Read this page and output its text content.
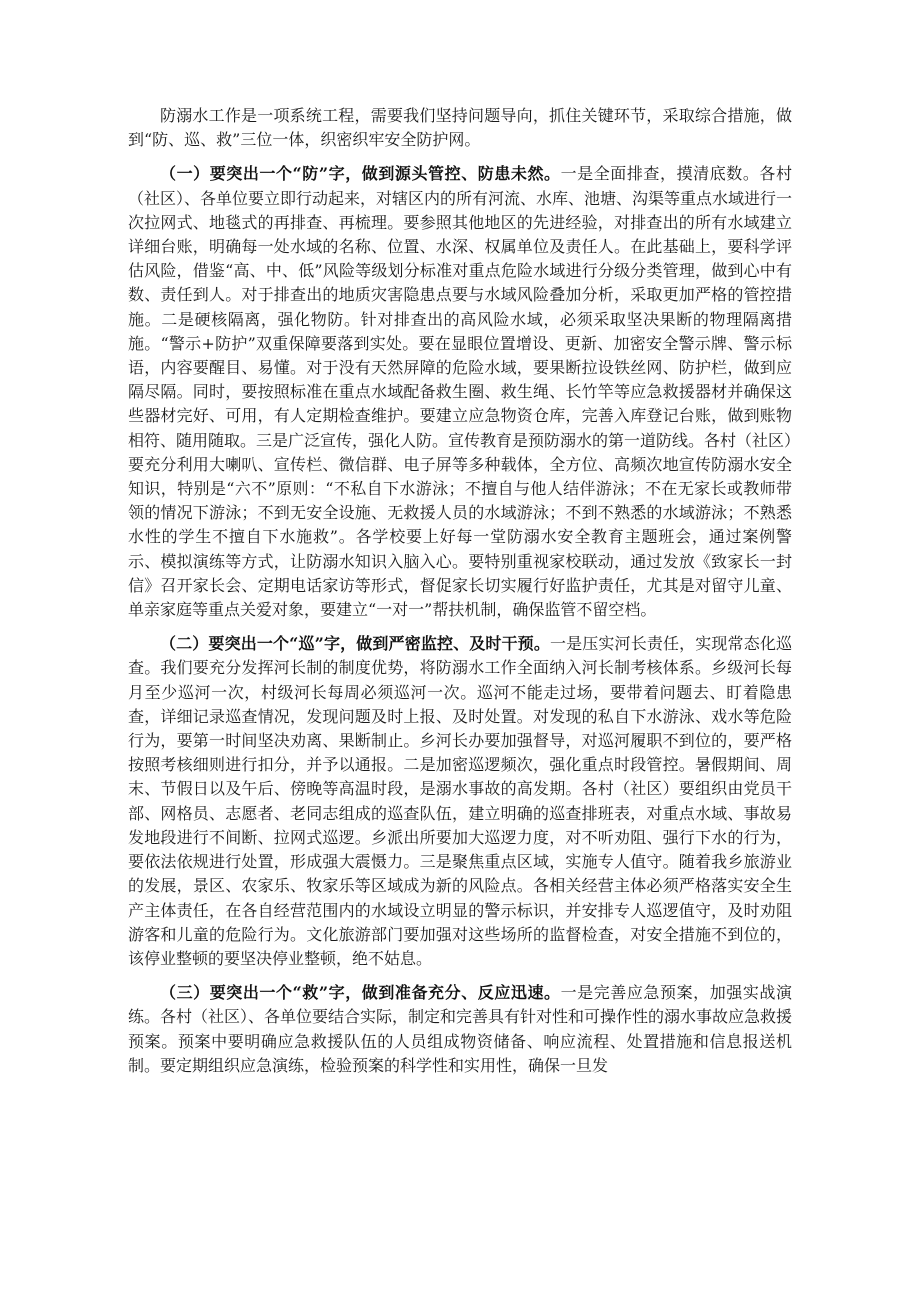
防溺水工作是一项系统工程，需要我们坚持问题导向，抓住关键环节，采取综合措施，做到“防、巡、救”三位一体，织密织牢安全防护网。

（一）要突出一个“防”字，做到源头管控、防患未然。一是全面排查，摸清底数。各村（社区）、各单位要立即行动起来，对辖区内的所有河流、水库、池塘、沟渠等重点水域进行一次拉网式、地毯式的再排查、再梳理。要参照其他地区的先进经验，对排查出的所有水域建立详细台账，明确每一处水域的名称、位置、水深、权属单位及责任人。在此基础上，要科学评估风险，借鉴“高、中、低”风险等级划分标准对重点危险水域进行分级分类管理，做到心中有数、责任到人。对于排查出的地质灾害隐患点要与水域风险叠加分析，采取更加严格的管控措施。二是硬核隔离，强化物防。针对排查出的高风险水域，必须采取坚决果断的物理隔离措施。“警示+防护”双重保障要落到实处。要在显眼位置增设、更新、加密安全警示牌、警示标语，内容要醒目、易懂。对于没有天然屏障的危险水域，要果断拉设铁丝网、防护栏，做到应隔尽隔。同时，要按照标准在重点水域配备救生圈、救生绳、长竹竿等应急救援器材并确保这些器材完好、可用，有人定期检查维护。要建立应急物资仓库，完善入库登记台账，做到账物相符、随用随取。三是广泛宣传，强化人防。宣传教育是预防溺水的第一道防线。各村（社区）要充分利用大喇叭、宣传栏、微信群、电子屏等多种载体，全方位、高频次地宣传防溺水安全知识，特别是“六不”原则：“不私自下水游泳；不擅自与他人结伴游泳；不在无家长或教师带领的情况下游泳；不到无安全设施、无救援人员的水域游泳；不到不熟悉的水域游泳；不熟悉水性的学生不擅自下水施救”。各学校要上好每一堂防溺水安全教育主题班会，通过案例警示、模拟演练等方式，让防溺水知识入脑入心。要特别重视家校联动，通过发放《致家长一封信》召开家长会、定期电话家访等形式，督促家长切实履行好监护责任，尤其是对留守儿童、单亲家庭等重点关爱对象，要建立“一对一”帮扶机制，确保监管不留空档。

（二）要突出一个“巡”字，做到严密监控、及时干预。一是压实河长责任，实现常态化巡查。我们要充分发挥河长制的制度优势，将防溺水工作全面纳入河长制考核体系。乡级河长每月至少巡河一次，村级河长每周必须巡河一次。巡河不能走过场，要带着问题去、盯着隐患查，详细记录巡查情况，发现问题及时上报、及时处置。对发现的私自下水游泳、戏水等危险行为，要第一时间坚决劝离、果断制止。乡河长办要加强督导，对巡河履职不到位的，要严格按照考核细则进行扣分，并予以通报。二是加密巡逻频次，强化重点时段管控。暑假期间、周末、节假日以及午后、傍晚等高温时段，是溺水事故的高发期。各村（社区）要组织由党员干部、网格员、志愿者、老同志组成的巡查队伍，建立明确的巡查排班表，对重点水域、事故易发地段进行不间断、拉网式巡逻。乡派出所要加大巡逻力度，对不听劝阻、强行下水的行为，要依法依规进行处置，形成强大震慑力。三是聚焦重点区域，实施专人值守。随着我乡旅游业的发展，景区、农家乐、牧家乐等区域成为新的风险点。各相关经营主体必须严格落实安全生产主体责任，在各自经营范围内的水域设立明显的警示标识，并安排专人巡逻值守，及时劝阻游客和儿童的危险行为。文化旅游部门要加强对这些场所的监督检查，对安全措施不到位的，该停业整顿的要坚决停业整顿，绝不姑息。

（三）要突出一个“救”字，做到准备充分、反应迅速。一是完善应急预案，加强实战演练。各村（社区）、各单位要结合实际，制定和完善具有针对性和可操作性的溺水事故应急救援预案。预案中要明确应急救援队伍的人员组成物资储备、响应流程、处置措施和信息报送机制。要定期组织应急演练，检验预案的科学性和实用性，确保一旦发
